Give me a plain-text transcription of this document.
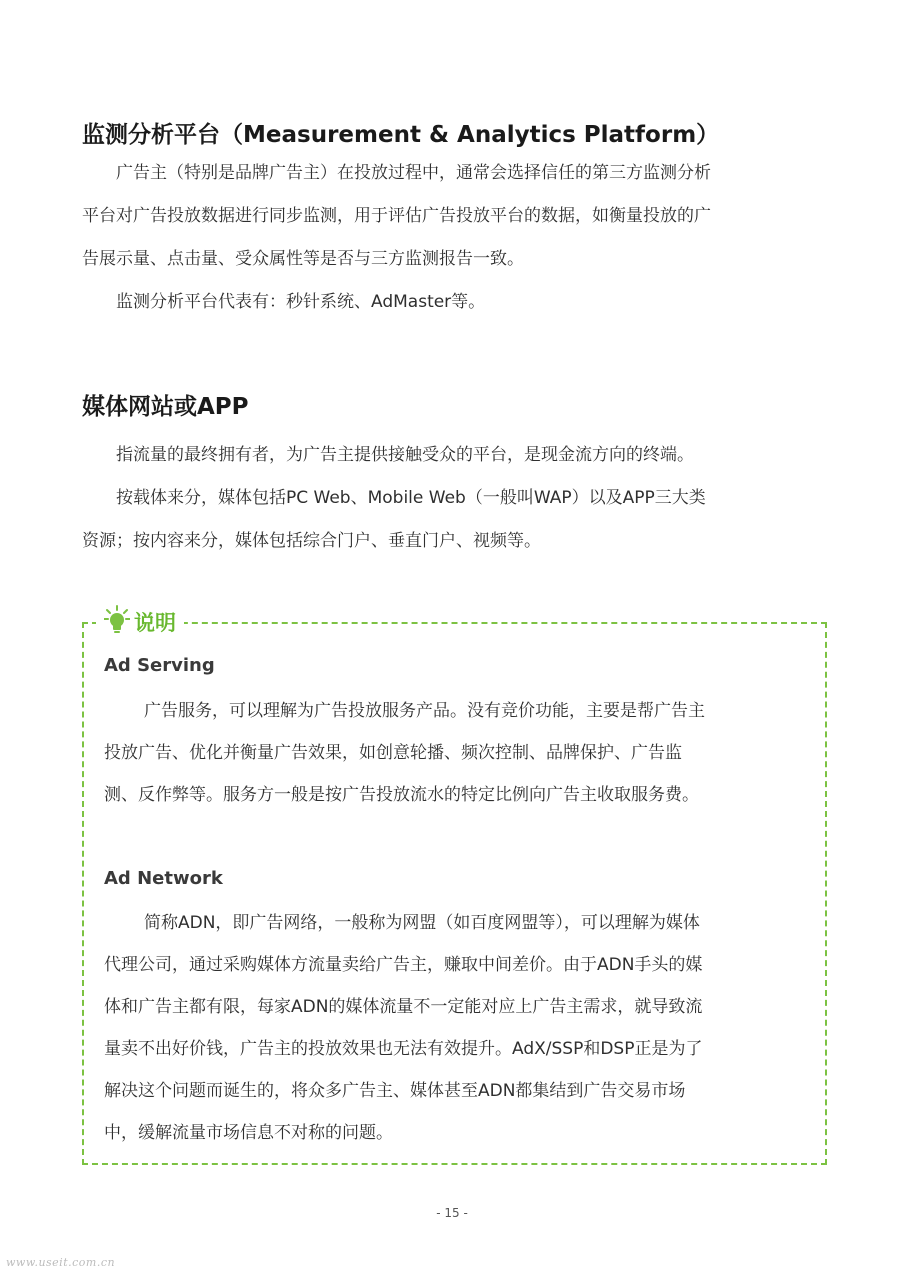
监测分析平台（Measurement & Analytics Platform）
广告主（特别是品牌广告主）在投放过程中，通常会选择信任的第三方监测分析
平台对广告投放数据进行同步监测，用于评估广告投放平台的数据，如衡量投放的广
告展示量、点击量、受众属性等是否与三方监测报告一致。
监测分析平台代表有：秒针系统、AdMaster等。
媒体网站或APP
指流量的最终拥有者，为广告主提供接触受众的平台，是现金流方向的终端。
按载体来分，媒体包括PC Web、Mobile Web（一般叫WAP）以及APP三大类
资源；按内容来分，媒体包括综合门户、垂直门户、视频等。
说明
Ad Serving
广告服务，可以理解为广告投放服务产品。没有竞价功能，主要是帮广告主
投放广告、优化并衡量广告效果，如创意轮播、频次控制、品牌保护、广告监
测、反作弊等。服务方一般是按广告投放流水的特定比例向广告主收取服务费。
Ad Network
简称ADN，即广告网络，一般称为网盟（如百度网盟等），可以理解为媒体
代理公司，通过采购媒体方流量卖给广告主，赚取中间差价。由于ADN手头的媒
体和广告主都有限，每家ADN的媒体流量不一定能对应上广告主需求，就导致流
量卖不出好价钱，广告主的投放效果也无法有效提升。AdX/SSP和DSP正是为了
解决这个问题而诞生的，将众多广告主、媒体甚至ADN都集结到广告交易市场
中，缓解流量市场信息不对称的问题。
- 15 -
www.useit.com.cn
